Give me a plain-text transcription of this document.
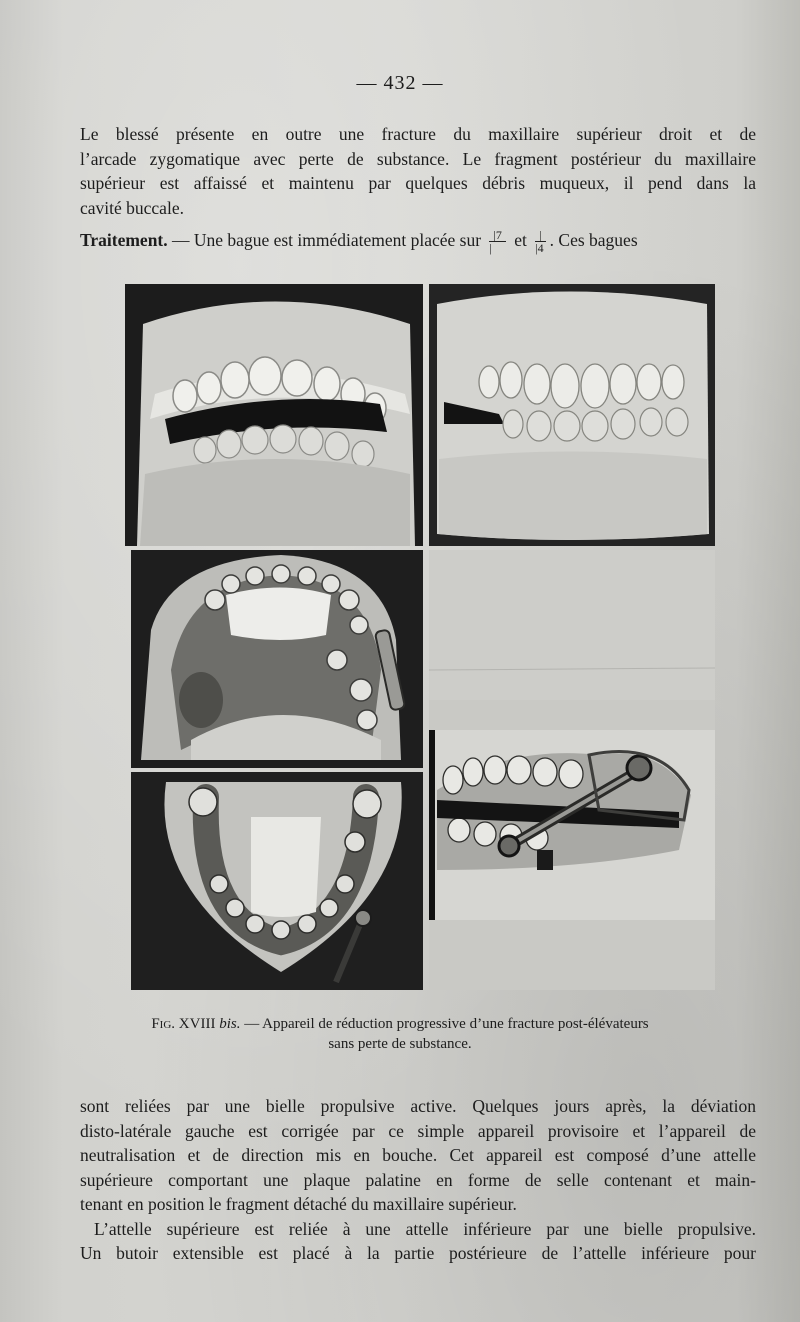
— 432 —

Le blessé présente en outre une fracture du maxillaire supérieur droit et de
l’arcade zygomatique avec perte de substance. Le fragment postérieur du maxillaire
supérieur est affaissé et maintenu par quelques débris muqueux, il pend dans la
cavité buccale.

Traitement. — Une bague est immédiatement placée sur $\frac{|7}{|}$ et $\frac{|}{|4}$ . Ces bagues

Fig. XVIII bis. — Appareil de réduction progressive d’une fracture post-élévateurs
sans perte de substance.

sont reliées par une bielle propulsive active. Quelques jours après, la déviation
disto-latérale gauche est corrigée par ce simple appareil provisoire et l’appareil de
neutralisation et de direction mis en bouche. Cet appareil est composé d’une attelle
supérieure comportant une plaque palatine en forme de selle contenant et main-
tenant en position le fragment détaché du maxillaire supérieur.
L’attelle supérieure est reliée à une attelle inférieure par une bielle propulsive.
Un butoir extensible est placé à la partie postérieure de l’attelle inférieure pour
